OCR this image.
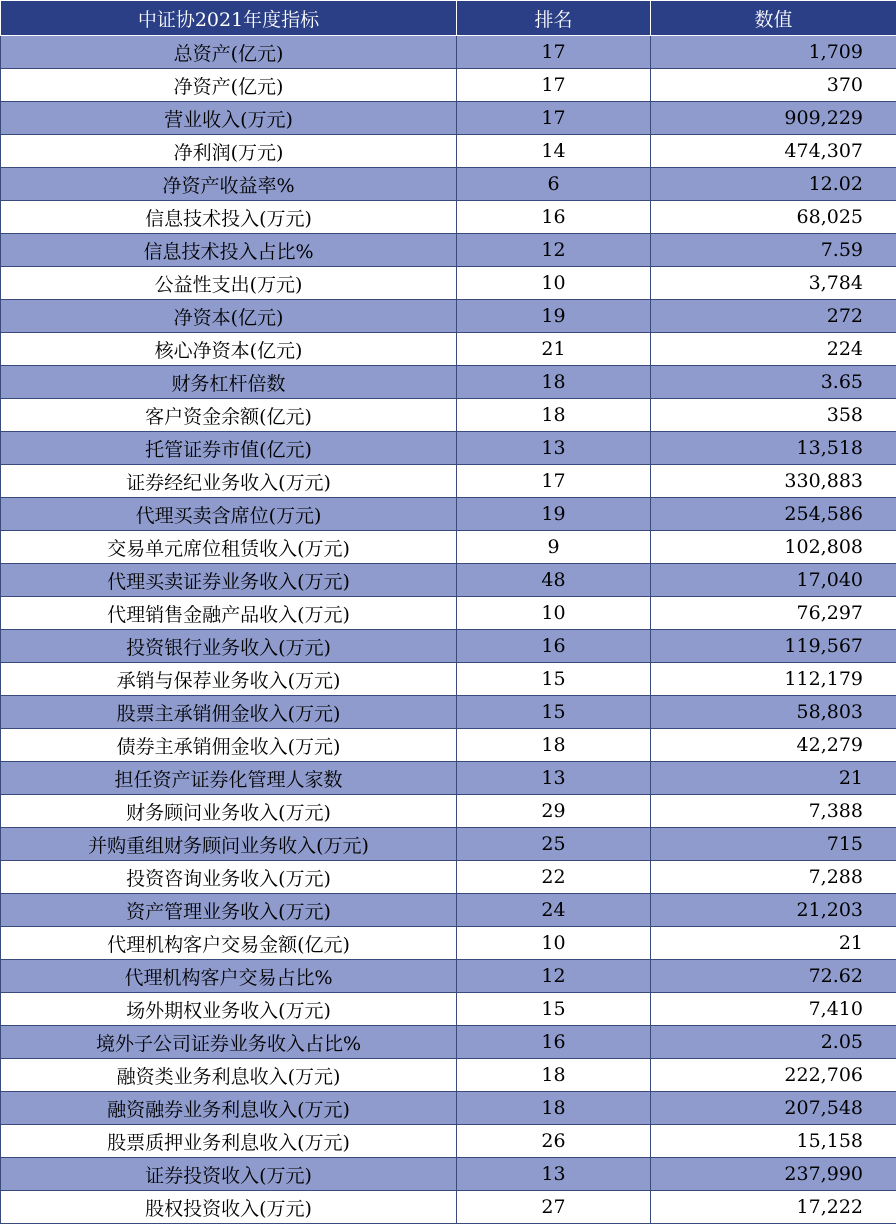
中证协2021年度指标	排名	数值
总资产(亿元)	17	1,709
净资产(亿元)	17	370
营业收入(万元)	17	909,229
净利润(万元)	14	474,307
净资产收益率%	6	12.02
信息技术投入(万元)	16	68,025
信息技术投入占比%	12	7.59
公益性支出(万元)	10	3,784
净资本(亿元)	19	272
核心净资本(亿元)	21	224
财务杠杆倍数	18	3.65
客户资金余额(亿元)	18	358
托管证券市值(亿元)	13	13,518
证券经纪业务收入(万元)	17	330,883
代理买卖含席位(万元)	19	254,586
交易单元席位租赁收入(万元)	9	102,808
代理买卖证券业务收入(万元)	48	17,040
代理销售金融产品收入(万元)	10	76,297
投资银行业务收入(万元)	16	119,567
承销与保荐业务收入(万元)	15	112,179
股票主承销佣金收入(万元)	15	58,803
债券主承销佣金收入(万元)	18	42,279
担任资产证券化管理人家数	13	21
财务顾问业务收入(万元)	29	7,388
并购重组财务顾问业务收入(万元)	25	715
投资咨询业务收入(万元)	22	7,288
资产管理业务收入(万元)	24	21,203
代理机构客户交易金额(亿元)	10	21
代理机构客户交易占比%	12	72.62
场外期权业务收入(万元)	15	7,410
境外子公司证券业务收入占比%	16	2.05
融资类业务利息收入(万元)	18	222,706
融资融券业务利息收入(万元)	18	207,548
股票质押业务利息收入(万元)	26	15,158
证券投资收入(万元)	13	237,990
股权投资收入(万元)	27	17,222
